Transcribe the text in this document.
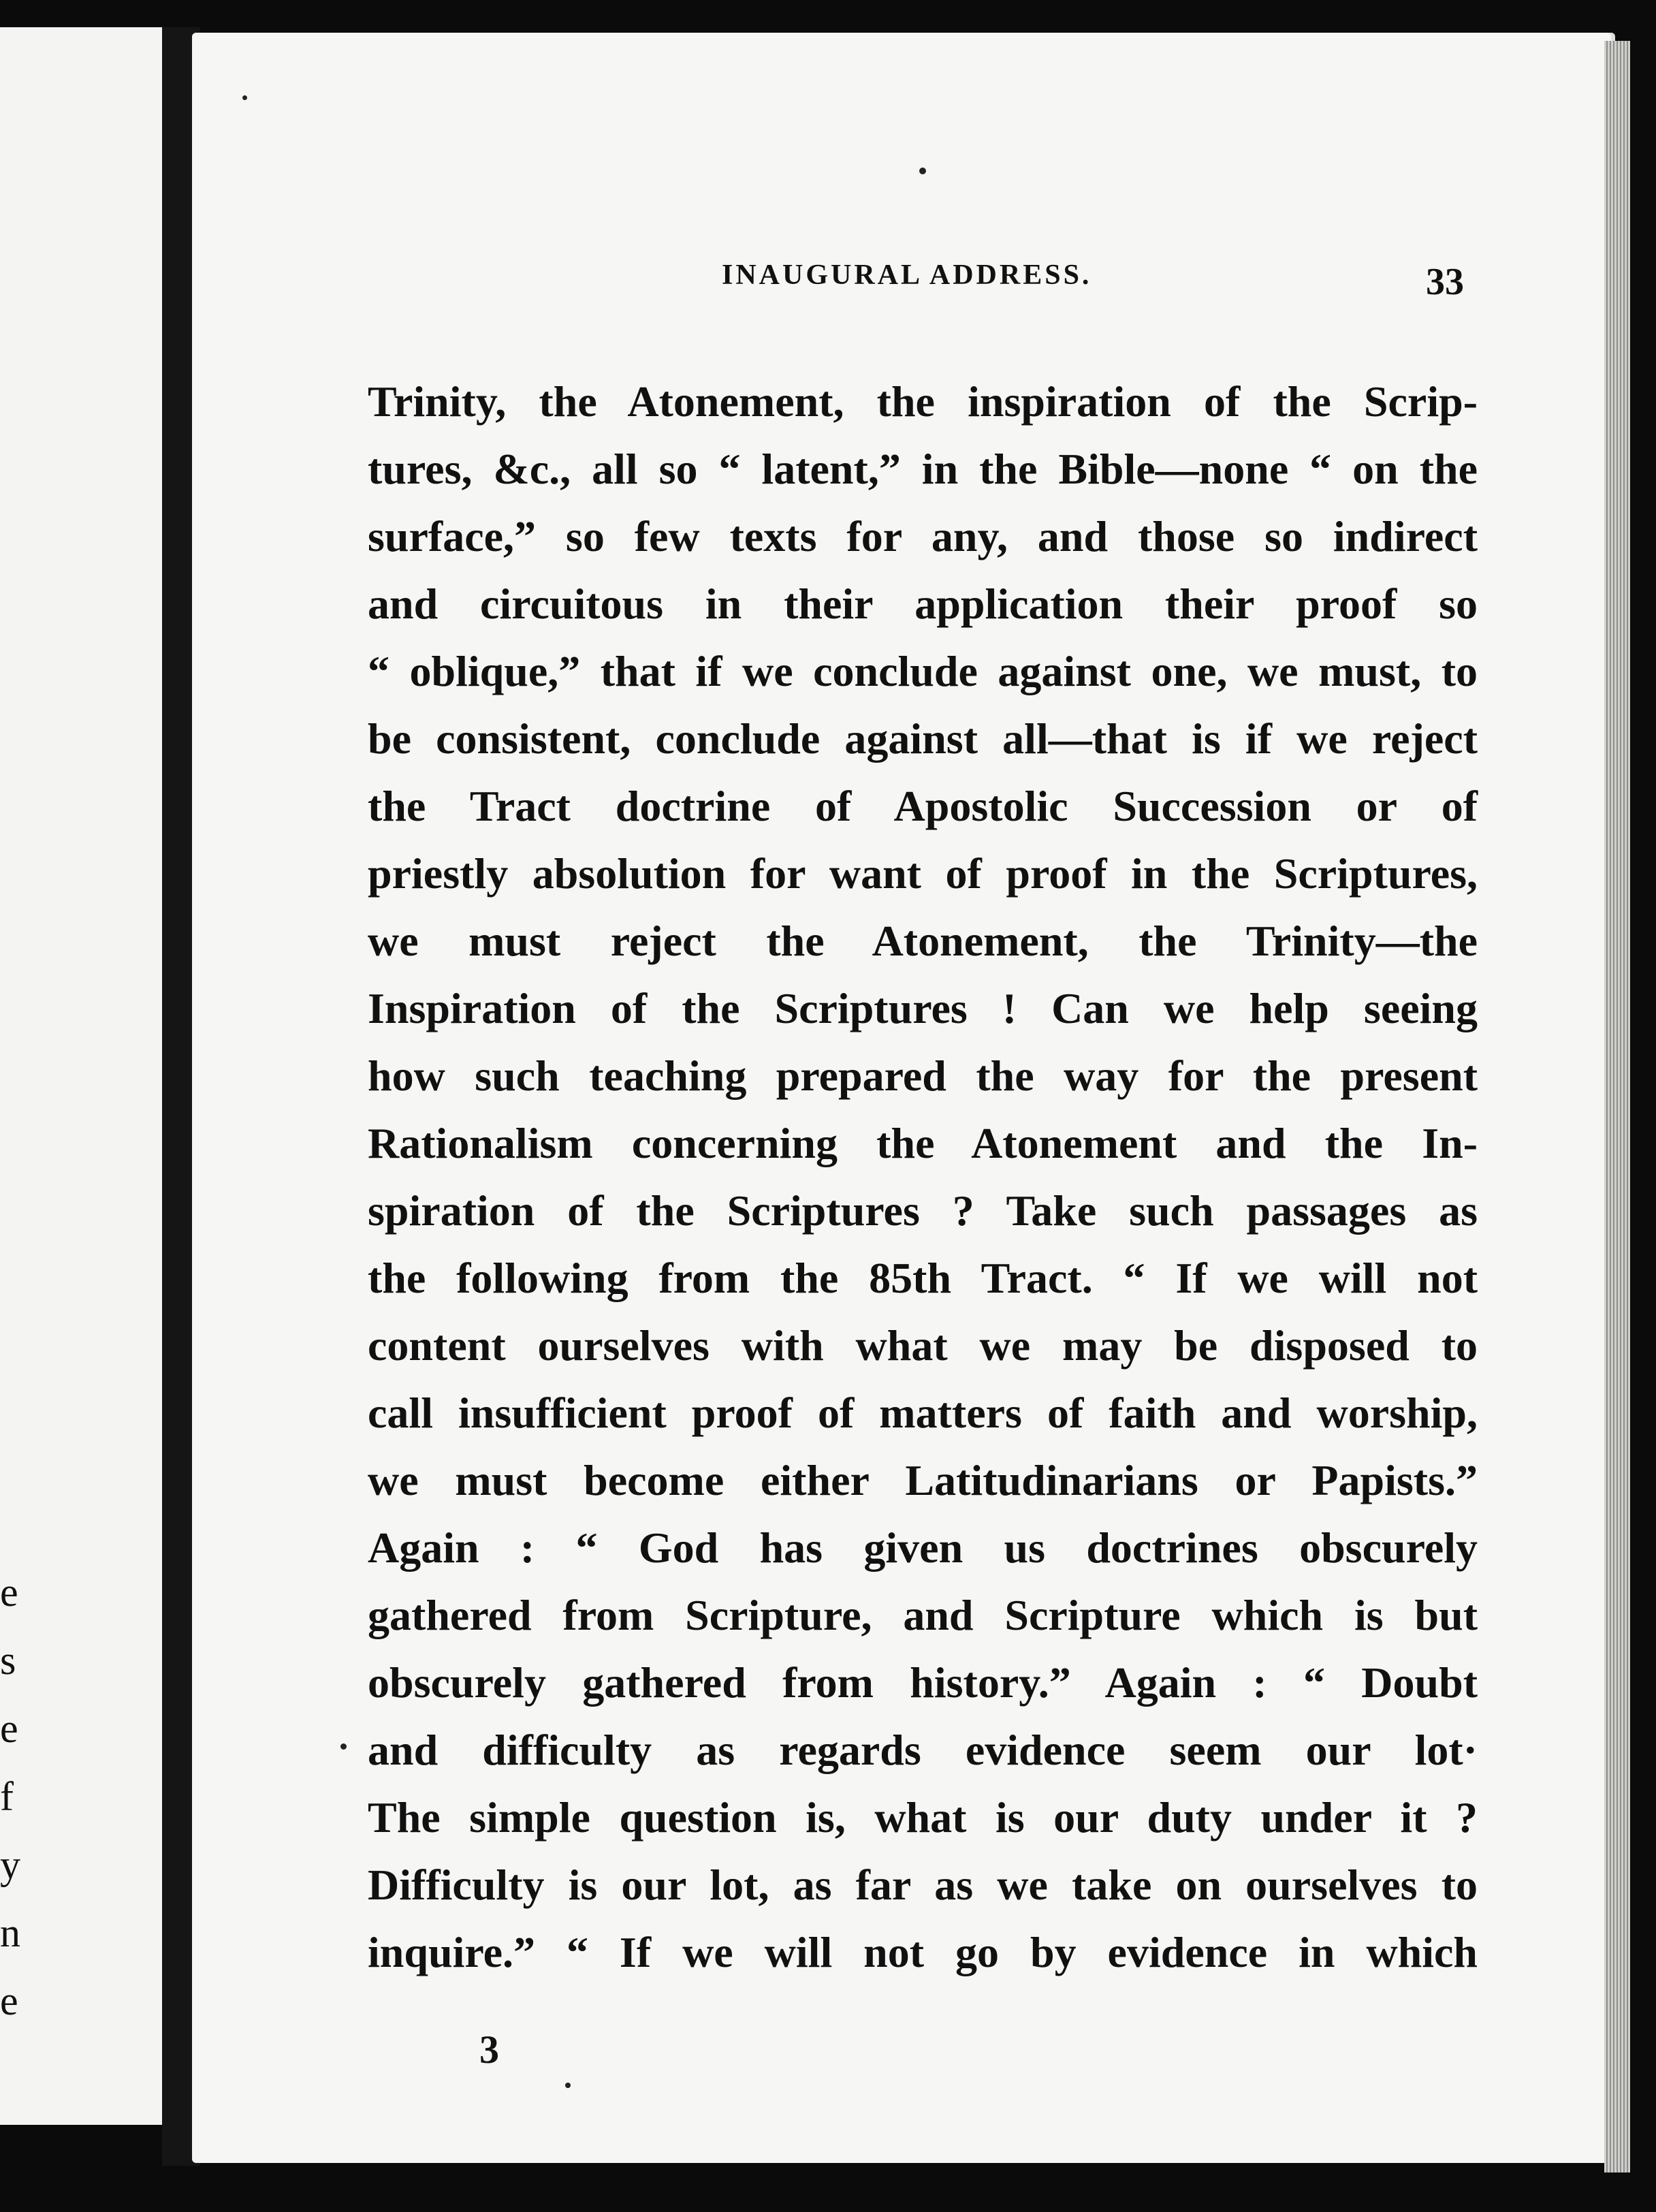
e
s
e
f
y
n
e
INAUGURAL ADDRESS.	33
Trinity, the Atonement, the inspiration of the Scrip-
tures, &c., all so “ latent,” in the Bible—none “ on the
surface,” so few texts for any, and those so indirect
and circuitous in their application their proof so
“ oblique,” that if we conclude against one, we must, to
be consistent, conclude against all—that is if we reject
the Tract doctrine of Apostolic Succession or of
priestly absolution for want of proof in the Scriptures,
we must reject the Atonement, the Trinity—the
Inspiration of the Scriptures ! Can we help seeing
how such teaching prepared the way for the present
Rationalism concerning the Atonement and the In-
spiration of the Scriptures ? Take such passages as
the following from the 85th Tract. “ If we will not
content ourselves with what we may be disposed to
call insufficient proof of matters of faith and worship,
we must become either Latitudinarians or Papists.”
Again : “ God has given us doctrines obscurely
gathered from Scripture, and Scripture which is but
obscurely gathered from history.” Again : “ Doubt
and difficulty as regards evidence seem our lot·
The simple question is, what is our duty under it ?
Difficulty is our lot, as far as we take on ourselves to
inquire.” “ If we will not go by evidence in which
3
